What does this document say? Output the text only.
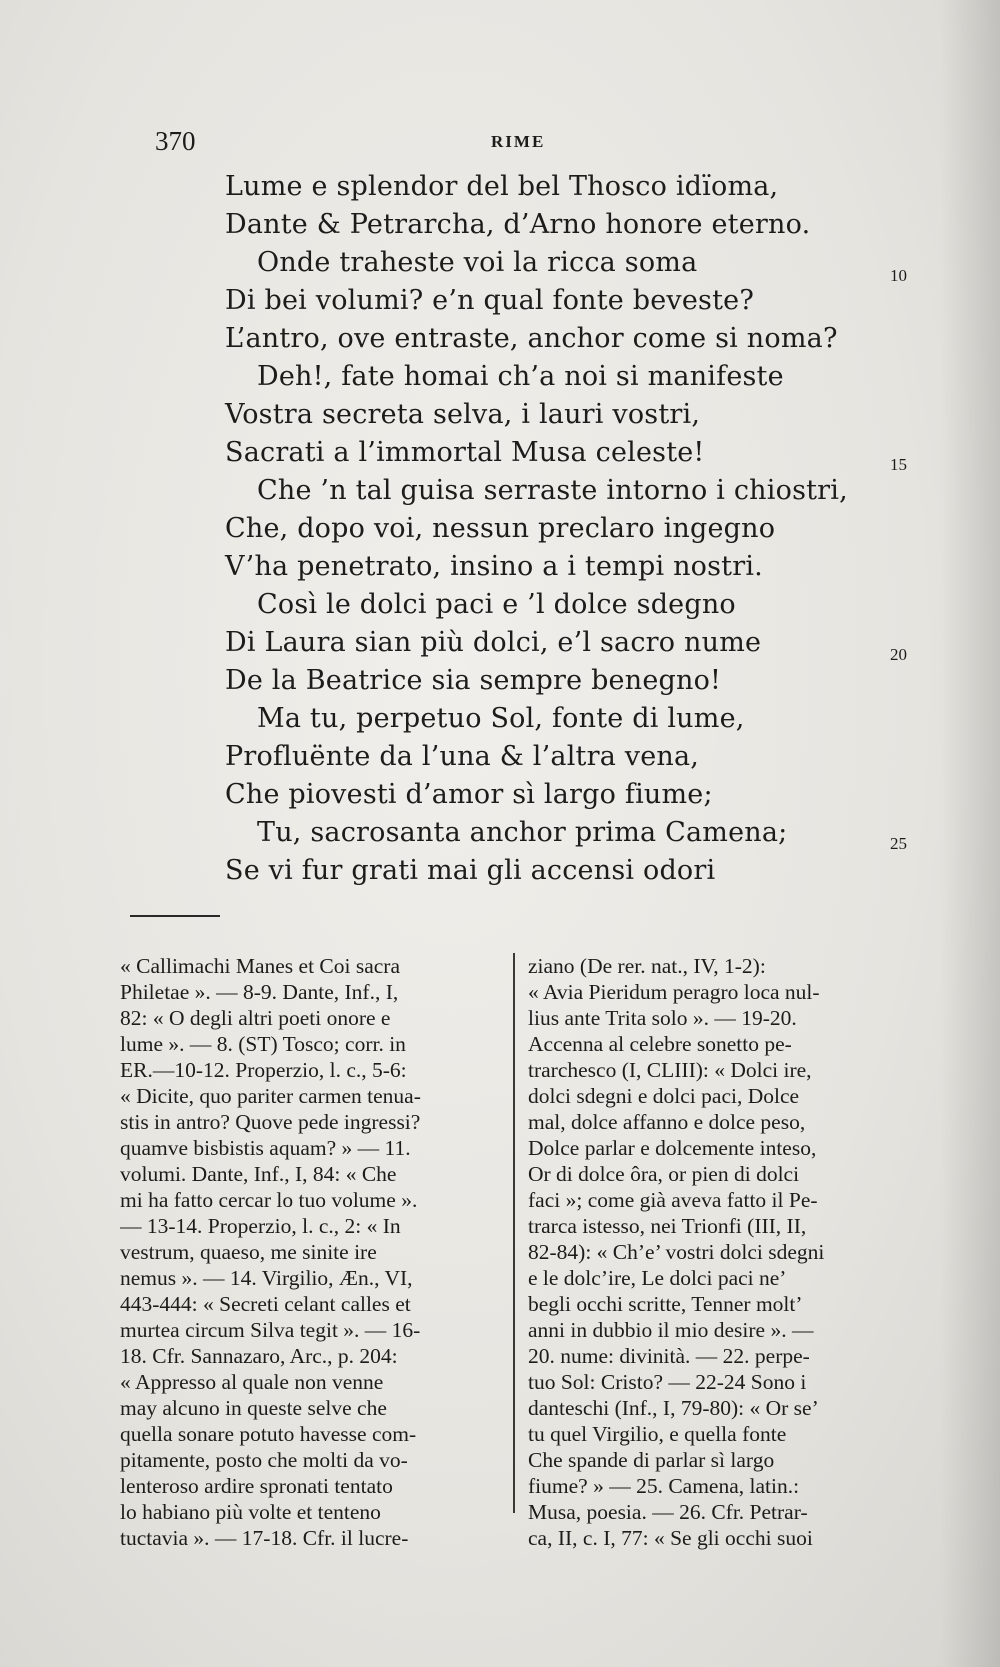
370	RIME
Lume e splendor del bel Thosco idïoma,
Dante & Petrarcha, d’Arno honore eterno.
Onde traheste voi la ricca soma
Di bei volumi? e’n qual fonte beveste?
L’antro, ove entraste, anchor come si noma?
Deh!, fate homai ch’a noi si manifeste
Vostra secreta selva, i lauri vostri,
Sacrati a l’immortal Musa celeste!
Che ’n tal guisa serraste intorno i chiostri,
Che, dopo voi, nessun preclaro ingegno
V’ha penetrato, insino a i tempi nostri.
Così le dolci paci e ’l dolce sdegno
Di Laura sian più dolci, e’l sacro nume
De la Beatrice sia sempre benegno!
Ma tu, perpetuo Sol, fonte di lume,
Profluënte da l’una & l’altra vena,
Che piovesti d’amor sì largo fiume;
Tu, sacrosanta anchor prima Camena;
Se vi fur grati mai gli accensi odori
10
15
20
25
« Callimachi Manes et Coi sacra
Philetae ». — 8-9. Dante, Inf., I,
82: « O degli altri poeti onore e
lume ». — 8. (ST) Tosco; corr. in
ER.—10-12. Properzio, l. c., 5-6:
« Dicite, quo pariter carmen tenua-
stis in antro? Quove pede ingressi?
quamve bisbistis aquam? » — 11.
volumi. Dante, Inf., I, 84: « Che
mi ha fatto cercar lo tuo volume ».
— 13-14. Properzio, l. c., 2: « In
vestrum, quaeso, me sinite ire
nemus ». — 14. Virgilio, Æn., VI,
443-444: « Secreti celant calles et
murtea circum Silva tegit ». — 16-
18. Cfr. Sannazaro, Arc., p. 204:
« Appresso al quale non venne
may alcuno in queste selve che
quella sonare potuto havesse com-
pitamente, posto che molti da vo-
lenteroso ardire spronati tentato
lo habiano più volte et tenteno
tuctavia ». — 17-18. Cfr. il lucre-
ziano (De rer. nat., IV, 1-2):
« Avia Pieridum peragro loca nul-
lius ante Trita solo ». — 19-20.
Accenna al celebre sonetto pe-
trarchesco (I, CLIII): « Dolci ire,
dolci sdegni e dolci paci, Dolce
mal, dolce affanno e dolce peso,
Dolce parlar e dolcemente inteso,
Or di dolce ôra, or pien di dolci
faci »; come già aveva fatto il Pe-
trarca istesso, nei Trionfi (III, II,
82-84): « Ch’e’ vostri dolci sdegni
e le dolc’ire, Le dolci paci ne’
begli occhi scritte, Tenner molt’
anni in dubbio il mio desire ». —
20. nume: divinità. — 22. perpe-
tuo Sol: Cristo? — 22-24 Sono i
danteschi (Inf., I, 79-80): « Or se’
tu quel Virgilio, e quella fonte
Che spande di parlar sì largo
fiume? » — 25. Camena, latin.:
Musa, poesia. — 26. Cfr. Petrar-
ca, II, c. I, 77: « Se gli occhi suoi
